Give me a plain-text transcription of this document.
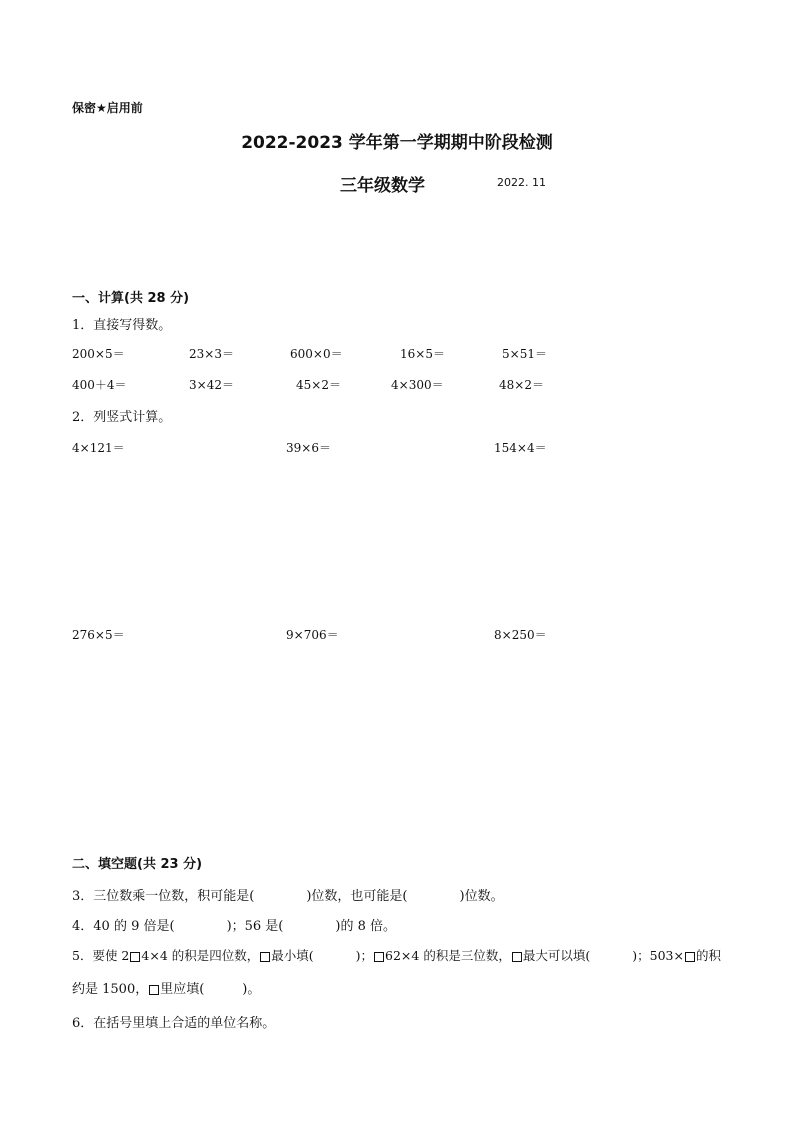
保密★启用前
2022-2023 学年第一学期期中阶段检测
三年级数学	2022. 11
一、计算(共 28 分)
1．直接写得数。
200×5＝	23×3＝	600×0＝	16×5＝	5×51＝
400＋4＝	3×42＝	45×2＝	4×300＝	48×2＝
2．列竖式计算。
4×121＝	39×6＝	154×4＝
276×5＝	9×706＝	8×250＝
二、填空题(共 23 分)
3．三位数乘一位数，积可能是(	)位数，也可能是(	)位数。
4．40 的 9 倍是(	)；56 是(	)的 8 倍。
5．要使 2 4×4 的积是四位数， 最小填(	)； 62×4 的积是三位数， 最大可以填(	)；503× 的积
约是 1500， 里应填(	)。
6．在括号里填上合适的单位名称。
